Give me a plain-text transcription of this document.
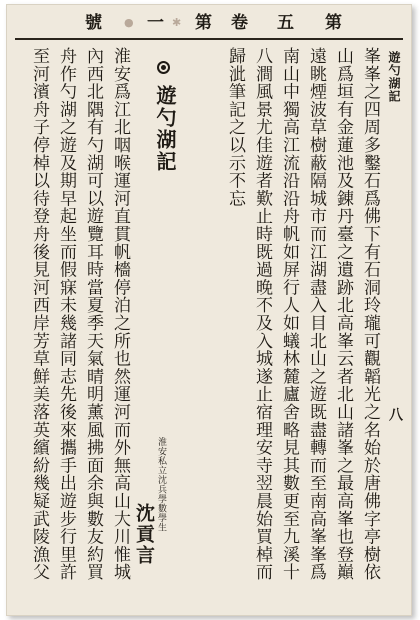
號 ● 一 ✱ 第 卷 五 第
遊勺湖記
八
峯峯之四周多鑿石爲佛下有石洞玲瓏可觀韜光之名始於唐佛字亭樹依
山爲垣有金蓮池及錬丹臺之遺跡北高峯云者北山諸峯之最高峯也登巔
遠眺煙波草樹蔽隔城市而江湖盡入目北山之遊既盡轉而至南高峯峯爲
南山中獨高江流沿沿舟帆如屏行人如蟻林麓廬舍略見其數更至九溪十
八澗風景尤佳遊者歎止時既過晚不及入城遂止宿理安寺翌晨始買棹而
歸泚筆記之以示不忘
遊勺湖記
淮安私立沈兵學數學生
沈貢言
淮安爲江北咽喉運河直貫帆檣停泊之所也然運河而外無高山大川惟城
內西北隅有勺湖可以遊覽耳時當夏季天氣晴明薰風拂面余與數友約買
舟作勺湖之遊及期早起坐而假寐未幾諸同志先後來攜手出遊步行里許
至河濱舟子停棹以待登舟後見河西岸芳草鮮美落英繽紛幾疑武陵漁父
